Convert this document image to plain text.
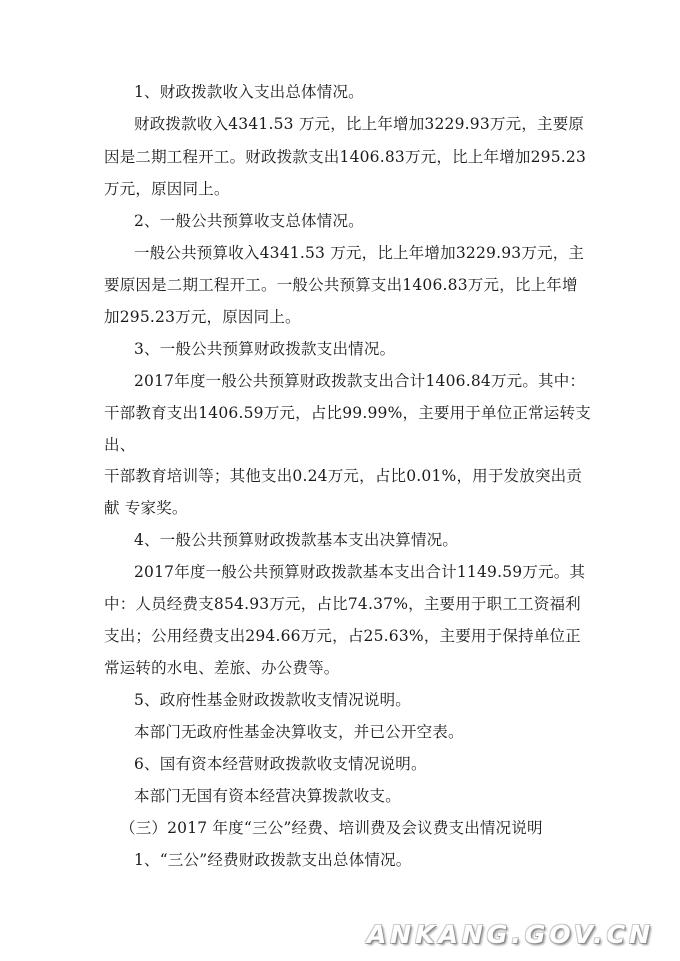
1、财政拨款收入支出总体情况。
财政拨款收入4341.53 万元，比上年增加3229.93万元，主要原
因是二期工程开工。财政拨款支出1406.83万元，比上年增加295.23
万元，原因同上。
2、一般公共预算收支总体情况。
一般公共预算收入4341.53 万元，比上年增加3229.93万元，主
要原因是二期工程开工。一般公共预算支出1406.83万元，比上年增
加295.23万元，原因同上。
3、一般公共预算财政拨款支出情况。
2017年度一般公共预算财政拨款支出合计1406.84万元。其中：
干部教育支出1406.59万元，占比99.99%，主要用于单位正常运转支
出、
干部教育培训等；其他支出0.24万元，占比0.01%，用于发放突出贡
献 专家奖。
4、一般公共预算财政拨款基本支出决算情况。
2017年度一般公共预算财政拨款基本支出合计1149.59万元。其
中：人员经费支854.93万元，占比74.37%，主要用于职工工资福利
支出；公用经费支出294.66万元，占25.63%，主要用于保持单位正
常运转的水电、差旅、办公费等。
5、政府性基金财政拨款收支情况说明。
本部门无政府性基金决算收支，并已公开空表。
6、国有资本经营财政拨款收支情况说明。
本部门无国有资本经营决算拨款收支。
（三）2017 年度“三公”经费、培训费及会议费支出情况说明
1、“三公”经费财政拨款支出总体情况。
ANKANG.GOV.CN
